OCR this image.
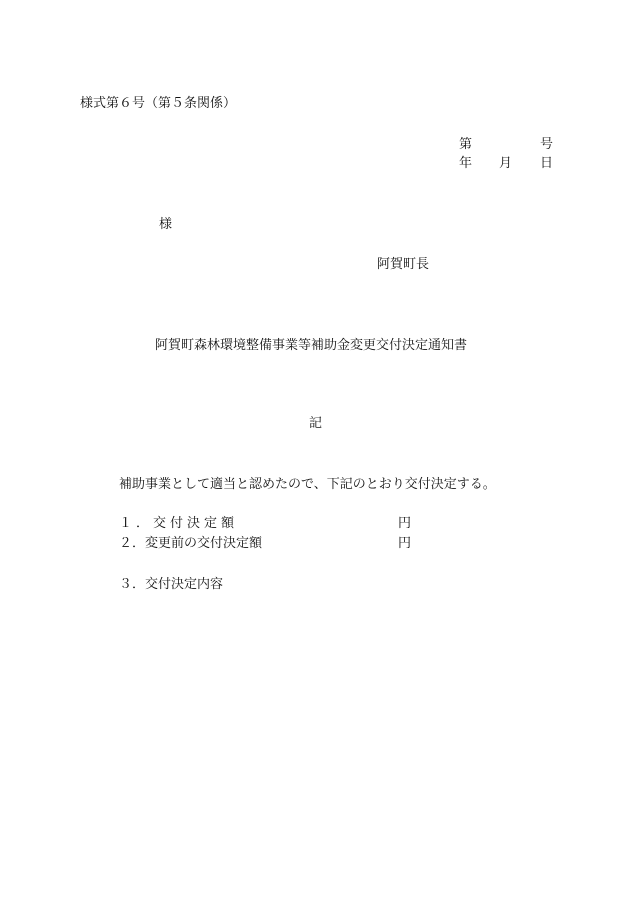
様式第６号（第５条関係）
第	号
年 月 日
様
阿賀町長
阿賀町森林環境整備事業等補助金変更交付決定通知書
記
補助事業として適当と認めたので、下記のとおり交付決定する。
１．交付決定額	円
２．変更前の交付決定額	円
３．交付決定内容
